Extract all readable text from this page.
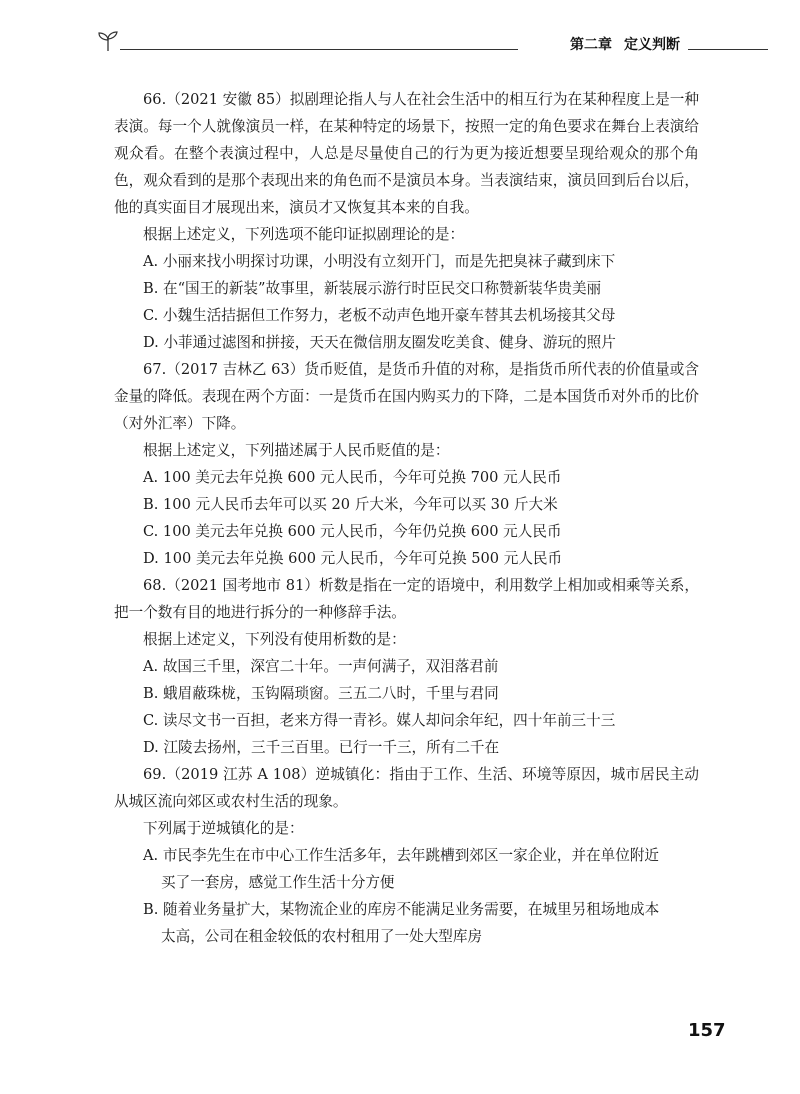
第二章 定义判断

66.（2021 安徽 85）拟剧理论指人与人在社会生活中的相互行为在某种程度上是一种表演。每一个人就像演员一样，在某种特定的场景下，按照一定的角色要求在舞台上表演给观众看。在整个表演过程中，人总是尽量使自己的行为更为接近想要呈现给观众的那个角色，观众看到的是那个表现出来的角色而不是演员本身。当表演结束，演员回到后台以后，他的真实面目才展现出来，演员才又恢复其本来的自我。

根据上述定义，下列选项不能印证拟剧理论的是：

A. 小丽来找小明探讨功课，小明没有立刻开门，而是先把臭袜子藏到床下

B. 在“国王的新装”故事里，新装展示游行时臣民交口称赞新装华贵美丽

C. 小魏生活拮据但工作努力，老板不动声色地开豪车替其去机场接其父母

D. 小菲通过滤图和拼接，天天在微信朋友圈发吃美食、健身、游玩的照片

67.（2017 吉林乙 63）货币贬值，是货币升值的对称，是指货币所代表的价值量或含金量的降低。表现在两个方面：一是货币在国内购买力的下降，二是本国货币对外币的比价（对外汇率）下降。

根据上述定义，下列描述属于人民币贬值的是：

A. 100 美元去年兑换 600 元人民币，今年可兑换 700 元人民币

B. 100 元人民币去年可以买 20 斤大米，今年可以买 30 斤大米

C. 100 美元去年兑换 600 元人民币，今年仍兑换 600 元人民币

D. 100 美元去年兑换 600 元人民币，今年可兑换 500 元人民币

68.（2021 国考地市 81）析数是指在一定的语境中，利用数学上相加或相乘等关系，把一个数有目的地进行拆分的一种修辞手法。

根据上述定义，下列没有使用析数的是：

A. 故国三千里，深宫二十年。一声何满子，双泪落君前

B. 蛾眉蔽珠栊，玉钩隔琐窗。三五二八时，千里与君同

C. 读尽文书一百担，老来方得一青衫。媒人却问余年纪，四十年前三十三

D. 江陵去扬州，三千三百里。已行一千三，所有二千在

69.（2019 江苏 A 108）逆城镇化：指由于工作、生活、环境等原因，城市居民主动从城区流向郊区或农村生活的现象。

下列属于逆城镇化的是：

A. 市民李先生在市中心工作生活多年，去年跳槽到郊区一家企业，并在单位附近
买了一套房，感觉工作生活十分方便

B. 随着业务量扩大，某物流企业的库房不能满足业务需要，在城里另租场地成本
太高，公司在租金较低的农村租用了一处大型库房

157
